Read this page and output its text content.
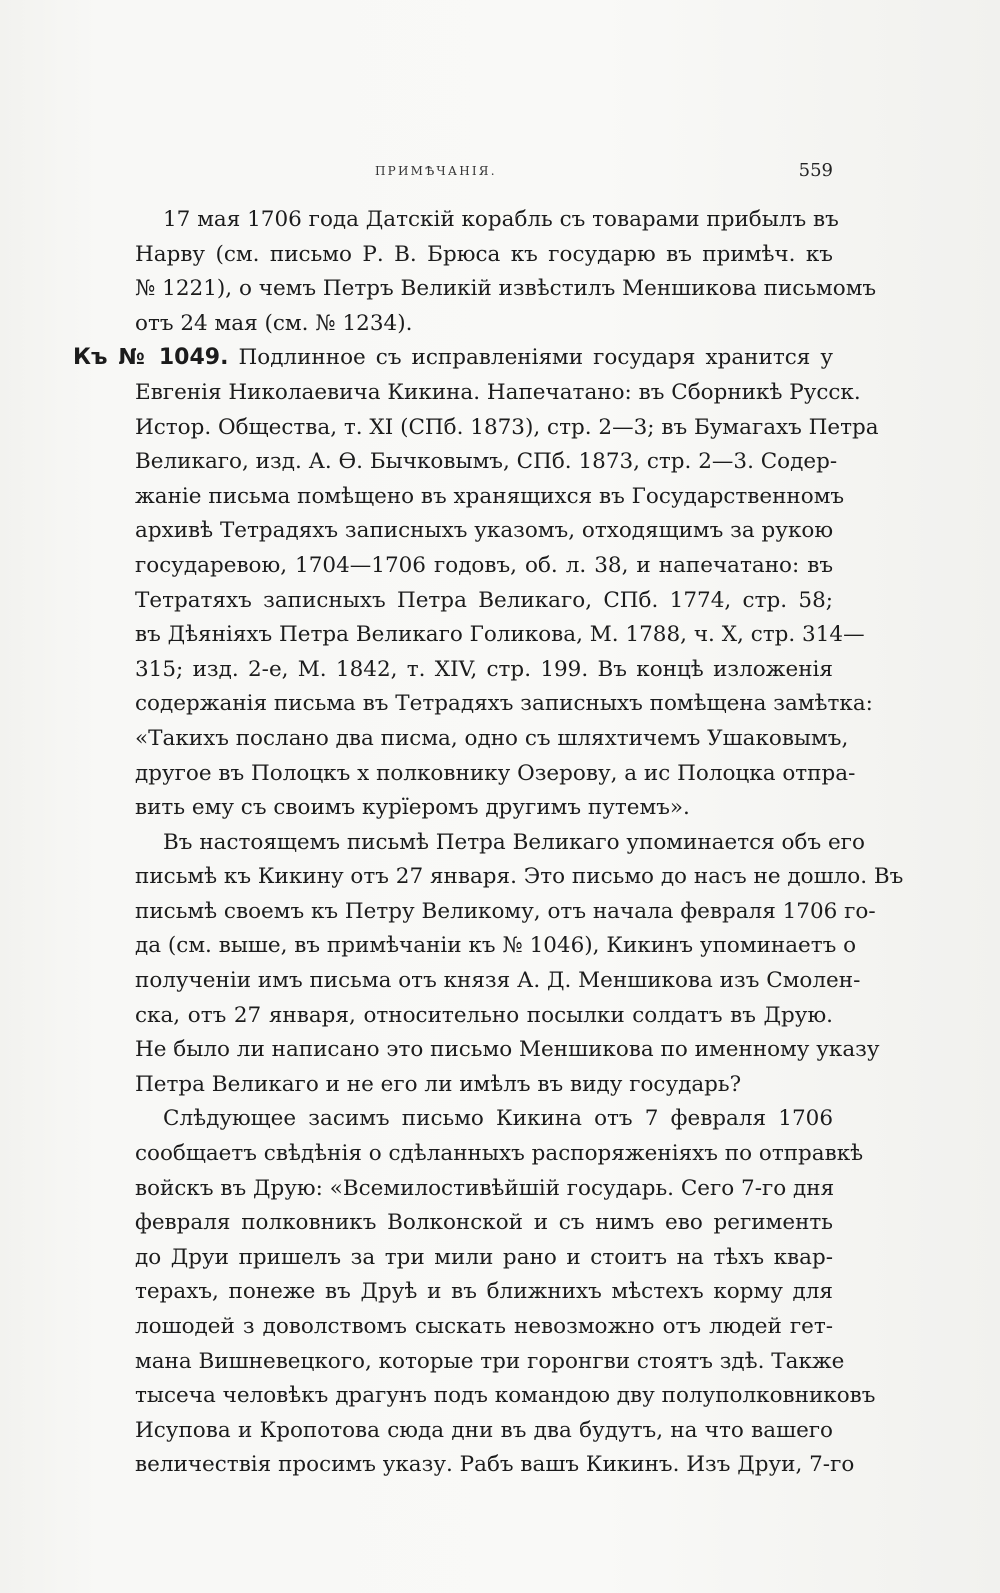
ПРИМѢЧАНІЯ.	559
17 мая 1706 года Датскій корабль съ товарами прибылъ въ
Нарву (см. письмо Р. В. Брюса къ государю въ примѣч. къ
№ 1221), о чемъ Петръ Великій извѣстилъ Меншикова письмомъ
отъ 24 мая (см. № 1234).
Къ № 1049. Подлинное съ исправленіями государя хранится у
Евгенія Николаевича Кикина. Напечатано: въ Сборникѣ Русск.
Истор. Общества, т. XI (СПб. 1873), стр. 2—3; въ Бумагахъ Петра
Великаго, изд. А. Ѳ. Бычковымъ, СПб. 1873, стр. 2—3. Содер-
жаніе письма помѣщено въ хранящихся въ Государственномъ
архивѣ Тетрадяхъ записныхъ указомъ, отходящимъ за рукою
государевою, 1704—1706 годовъ, об. л. 38, и напечатано: въ
Тетратяхъ записныхъ Петра Великаго, СПб. 1774, стр. 58;
въ Дѣяніяхъ Петра Великаго Голикова, М. 1788, ч. X, стр. 314—
315; изд. 2-е, М. 1842, т. XIV, стр. 199. Въ концѣ изложенія
содержанія письма въ Тетрадяхъ записныхъ помѣщена замѣтка:
«Такихъ послано два писма, одно съ шляхтичемъ Ушаковымъ,
другое въ Полоцкъ х полковнику Озерову, а ис Полоцка отпра-
вить ему съ своимъ курїеромъ другимъ путемъ».
Въ настоящемъ письмѣ Петра Великаго упоминается объ его
письмѣ къ Кикину отъ 27 января. Это письмо до насъ не дошло. Въ
письмѣ своемъ къ Петру Великому, отъ начала февраля 1706 го-
да (см. выше, въ примѣчаніи къ № 1046), Кикинъ упоминаетъ о
полученіи имъ письма отъ князя А. Д. Меншикова изъ Смолен-
ска, отъ 27 января, относительно посылки солдатъ въ Друю.
Не было ли написано это письмо Меншикова по именному указу
Петра Великаго и не его ли имѣлъ въ виду государь?
Слѣдующее засимъ письмо Кикина отъ 7 февраля 1706
сообщаетъ свѣдѣнія о сдѣланныхъ распоряженіяхъ по отправкѣ
войскъ въ Друю: «Всемилостивѣйшій государь. Сего 7-го дня
февраля полковникъ Волконской и съ нимъ ево регименть
до Друи пришелъ за три мили рано и стоитъ на тѣхъ квар-
терахъ, понеже въ Друѣ и въ ближнихъ мѣстехъ корму для
лошодей з доволствомъ сыскать невозможно отъ людей гет-
мана Вишневецкого, которые три горонгви стоятъ здѣ. Также
тысеча человѣкъ драгунъ подъ командою дву полуполковниковъ
Исупова и Кропотова сюда дни въ два будутъ, на что вашего
величествія просимъ указу. Рабъ вашъ Кикинъ. Изъ Друи, 7-го
